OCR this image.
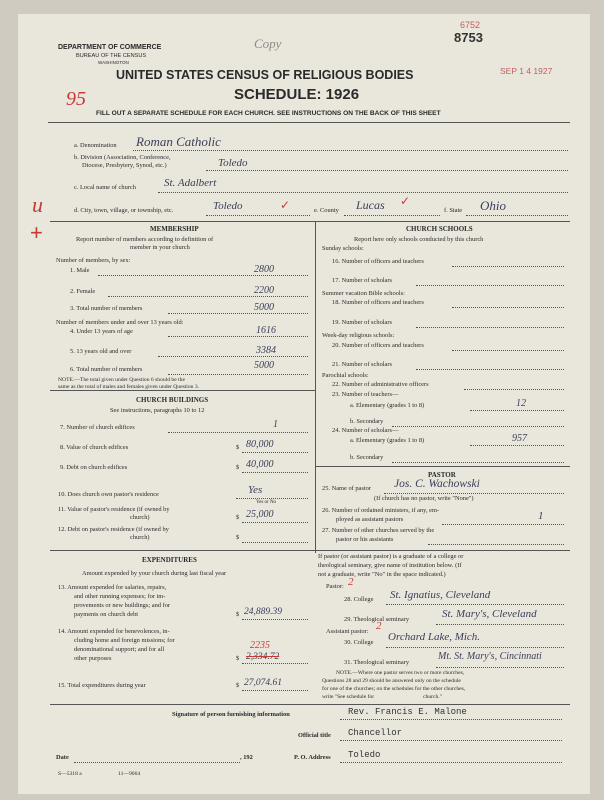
DEPARTMENT OF COMMERCE
BUREAU OF THE CENSUS
WASHINGTON
Copy
6752
8753
SEP 1 4 1927
UNITED STATES CENSUS OF RELIGIOUS BODIES
SCHEDULE: 1926
95
FILL OUT A SEPARATE SCHEDULE FOR EACH CHURCH. SEE INSTRUCTIONS ON THE BACK OF THIS SHEET
a. Denomination Roman Catholic
b. Division (Association, Conference,
Diocese, Presbytery, Synod, etc.)	Toledo
c. Local name of church	St. Adalbert
d. City, town, village, or township, etc.	Toledo	✓	e. County Lucas ✓
f. State Ohio
u
+	MEMBERSHIP
Report number of members according to definition of
member in your church
Number of members, by sex:
1. Male	2800
2. Female	2200
3. Total number of members	5000
Number of members under and over 13 years old:
4. Under 13 years of age	1616
5. 13 years old and over	3384
6. Total number of members	5000
NOTE.—The total given under Question 6 should be the
same as the total of males and females given under Question 3.
CHURCH BUILDINGS
See instructions, paragraphs 10 to 12
7. Number of church edifices	1
8. Value of church edifices	$ 80,000
9. Debt on church edifices	$ 40,000
10. Does church own pastor's residence	Yes
Yes or No
11. Value of pastor's residence (if owned by
church)	$ 25,000
12. Debt on pastor's residence (if owned by
church)	$
EXPENDITURES
Amount expended by your church during last fiscal year
13. Amount expended for salaries, repairs,
and other running expenses; for im-
provements or new buildings; and for
payments on church debt	$ 24,889.39
14. Amount expended for benevolences, in-
cluding home and foreign missions; for
denominational support; and for all
other purposes
2235
$ 2,334.72
15. Total expenditures during year	$ 27,074.61
CHURCH SCHOOLS
Report here only schools conducted by this church
Sunday schools:
16. Number of officers and teachers
17. Number of scholars
Summer vacation Bible schools:
18. Number of officers and teachers
19. Number of scholars
Week-day religious schools:
20. Number of officers and teachers
21. Number of scholars
Parochial schools:
22. Number of administrative officers
23. Number of teachers—
a. Elementary (grades 1 to 8)	12
b. Secondary
24. Number of scholars—
a. Elementary (grades 1 to 8)	957
b. Secondary
PASTOR
25. Name of pastor Jos. C. Wachowski
(If church has no pastor, write "None")
26. Number of ordained ministers, if any, em-
ployed as assistant pastors	1
27. Number of other churches served by the
pastor or his assistants
If pastor (or assistant pastor) is a graduate of a college or
theological seminary, give name of institution below. (If
not a graduate, write "No" in the space indicated.)
Pastor: 2
28. College St. Ignatius, Cleveland
29. Theological seminary	St. Mary's, Cleveland
Assistant pastor: 2
30. College Orchard Lake, Mich.
31. Theological seminary
Mt. St. Mary's, Cincinnati
NOTE.—Where one pastor serves two or more churches,
Questions 28 and 29 should be answered only on the schedule
for one of the churches; on the schedules for the other churches,
write "See schedule for                                   church."
Signature of person furnishing information	Rev. Francis E. Malone
Official title Chancellor
Date	, 192	P. O. Address Toledo
S—5318 a	11—9064
